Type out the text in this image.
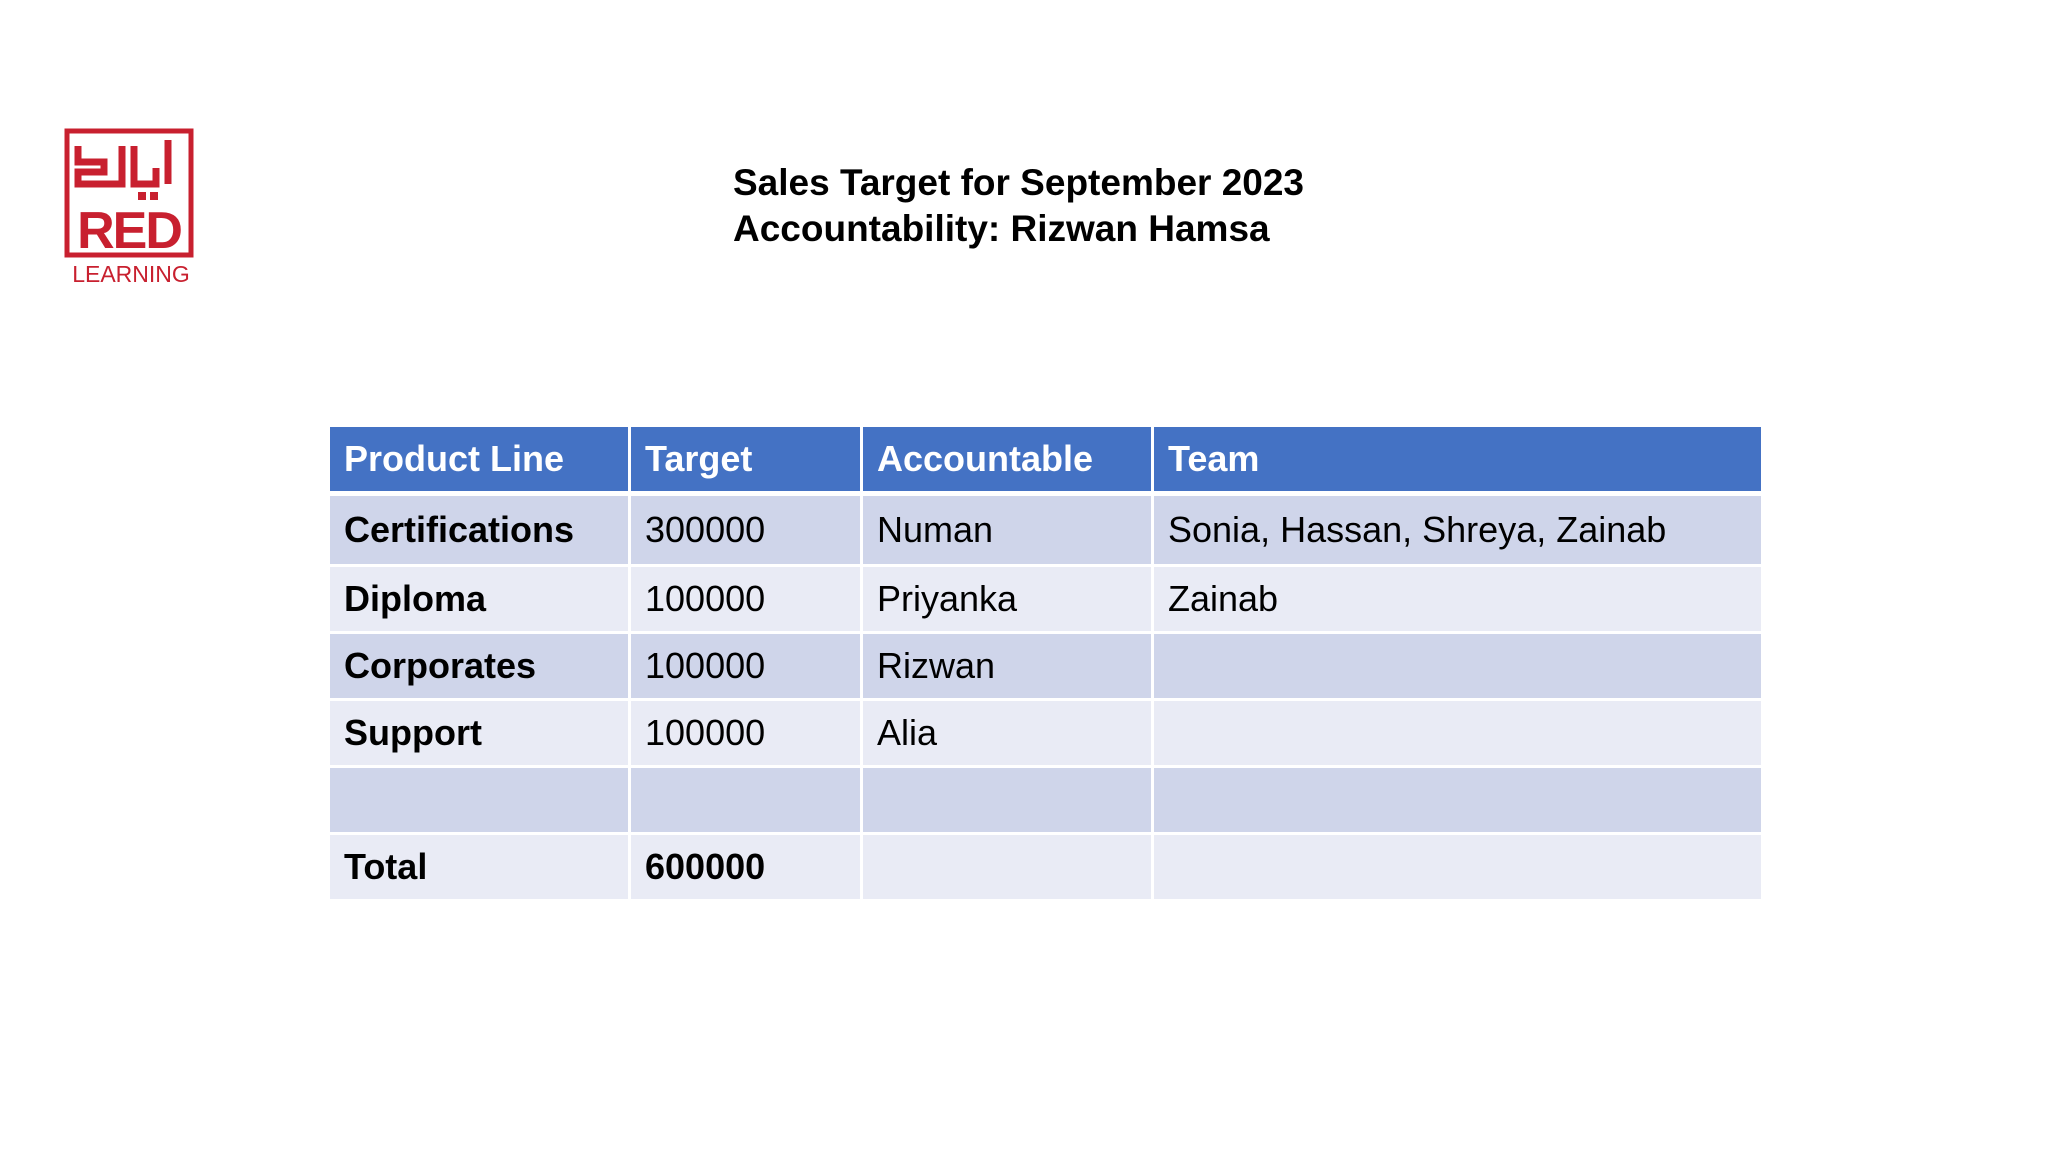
RED
LEARNING
Sales Target for September 2023
Accountability: Rizwan Hamsa
Product Line	Target	Accountable	Team
Certifications	300000	Numan	Sonia, Hassan, Shreya, Zainab
Diploma	100000	Priyanka	Zainab
Corporates	100000	Rizwan	
Support	100000	Alia	

Total	600000		
